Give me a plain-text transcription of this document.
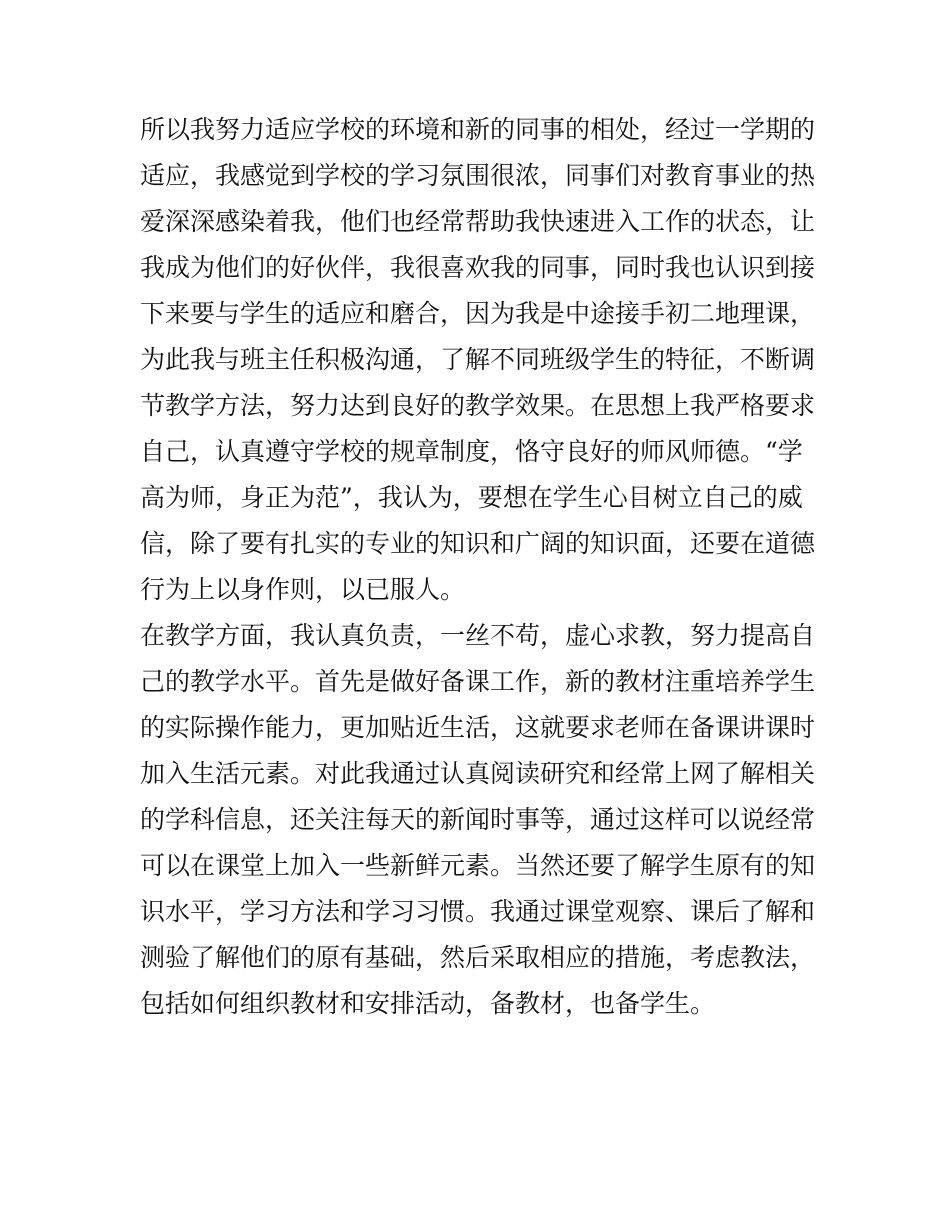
所以我努力适应学校的环境和新的同事的相处，经过一学期的
适应，我感觉到学校的学习氛围很浓，同事们对教育事业的热
爱深深感染着我，他们也经常帮助我快速进入工作的状态，让
我成为他们的好伙伴，我很喜欢我的同事，同时我也认识到接
下来要与学生的适应和磨合，因为我是中途接手初二地理课，
为此我与班主任积极沟通，了解不同班级学生的特征，不断调
节教学方法，努力达到良好的教学效果。在思想上我严格要求
自己，认真遵守学校的规章制度，恪守良好的师风师德。“学
高为师，身正为范”，我认为，要想在学生心目树立自己的威
信，除了要有扎实的专业的知识和广阔的知识面，还要在道德
行为上以身作则，以已服人。
在教学方面，我认真负责，一丝不苟，虚心求教，努力提高自
己的教学水平。首先是做好备课工作，新的教材注重培养学生
的实际操作能力，更加贴近生活，这就要求老师在备课讲课时
加入生活元素。对此我通过认真阅读研究和经常上网了解相关
的学科信息，还关注每天的新闻时事等，通过这样可以说经常
可以在课堂上加入一些新鲜元素。当然还要了解学生原有的知
识水平，学习方法和学习习惯。我通过课堂观察、课后了解和
测验了解他们的原有基础，然后采取相应的措施，考虑教法，
包括如何组织教材和安排活动，备教材，也备学生。
